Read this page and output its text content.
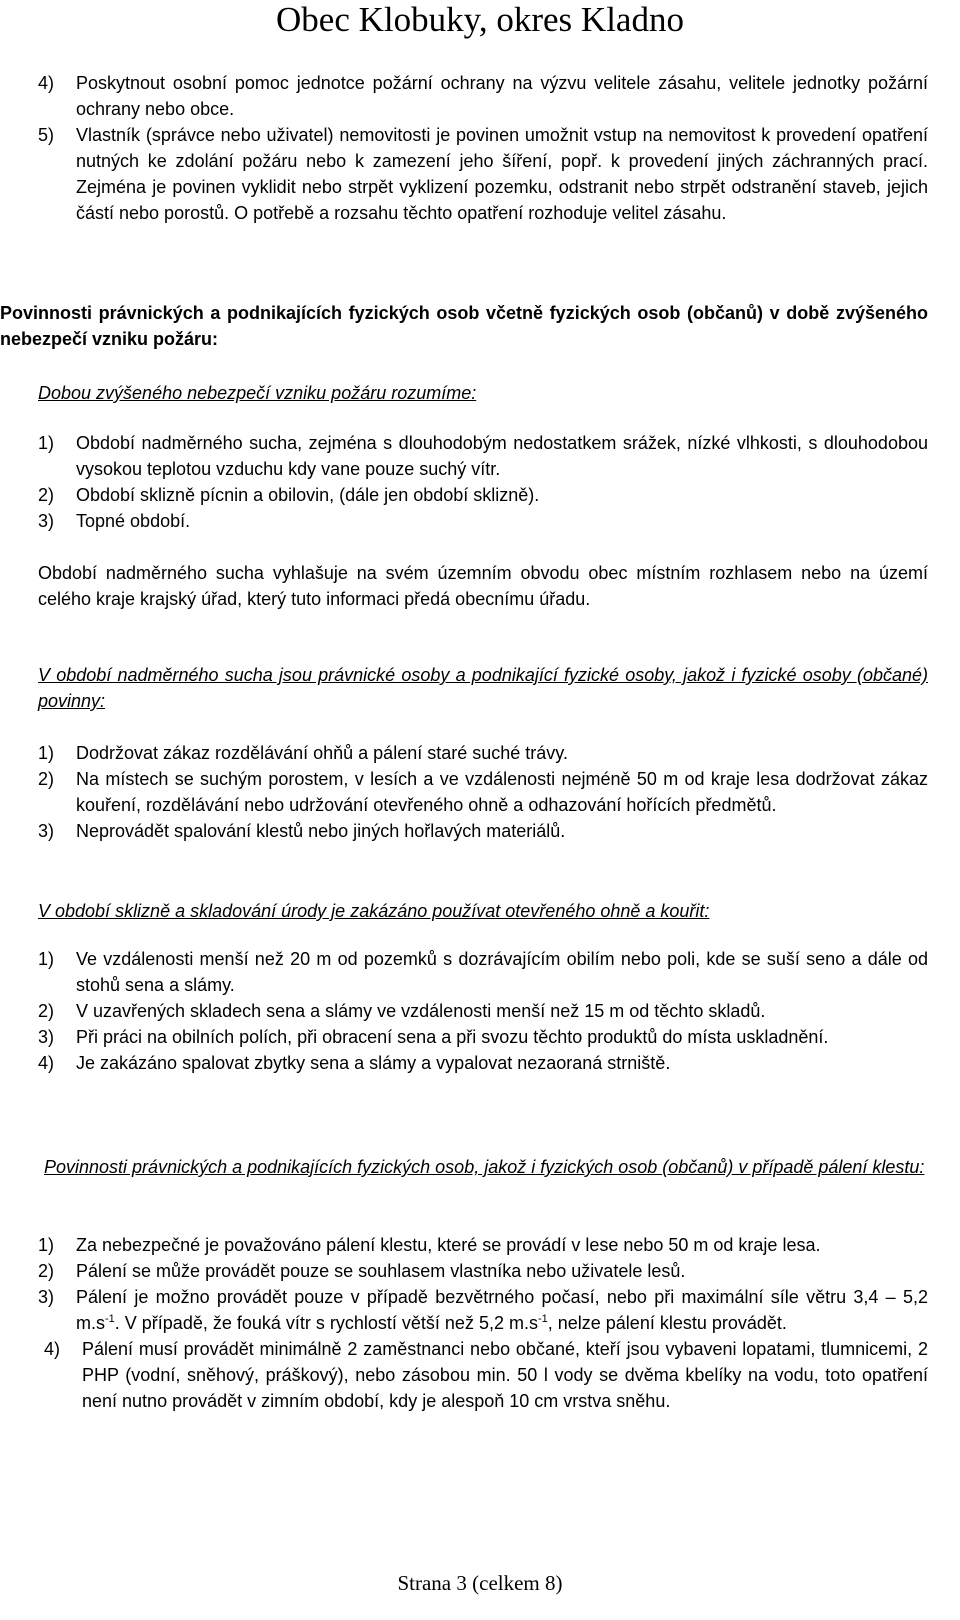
Obec Klobuky, okres Kladno
4) Poskytnout osobní pomoc jednotce požární ochrany na výzvu velitele zásahu, velitele jednotky požární ochrany nebo obce.
5) Vlastník (správce nebo uživatel) nemovitosti je povinen umožnit vstup na nemovitost k provedení opatření nutných ke zdolání požáru nebo k zamezení jeho šíření, popř. k provedení jiných záchranných prací. Zejména je povinen vyklidit nebo strpět vyklizení pozemku, odstranit nebo strpět odstranění staveb, jejich částí nebo porostů. O potřebě a rozsahu těchto opatření rozhoduje velitel zásahu.
Povinnosti právnických a podnikajících fyzických osob včetně fyzických osob (občanů) v době zvýšeného nebezpečí vzniku požáru:
Dobou zvýšeného nebezpečí vzniku požáru rozumíme:
1) Období nadměrného sucha, zejména s dlouhodobým nedostatkem srážek, nízké vlhkosti, s dlouhodobou vysokou teplotou vzduchu kdy vane pouze suchý vítr.
2) Období sklizně pícnin a obilovin, (dále jen období sklizně).
3) Topné období.
Období nadměrného sucha vyhlašuje na svém územním obvodu obec místním rozhlasem nebo na území celého kraje krajský úřad, který tuto informaci předá obecnímu úřadu.
V období nadměrného sucha jsou právnické osoby a podnikající fyzické osoby, jakož i fyzické osoby (občané) povinny:
1) Dodržovat zákaz rozdělávání ohňů a pálení staré suché trávy.
2) Na místech se suchým porostem, v lesích a ve vzdálenosti nejméně 50 m od kraje lesa dodržovat zákaz kouření, rozdělávání nebo udržování otevřeného ohně a odhazování hořících předmětů.
3) Neprovádět spalování klestů nebo jiných hořlavých materiálů.
V období sklizně a skladování úrody je zakázáno používat otevřeného ohně a kouřit:
1) Ve vzdálenosti menší než 20 m od pozemků s dozrávajícím obilím nebo poli, kde se suší seno a dále od stohů sena a slámy.
2) V uzavřených skladech sena a slámy ve vzdálenosti menší než 15 m od těchto skladů.
3) Při práci na obilních polích, při obracení sena a při svozu těchto produktů do místa uskladnění.
4) Je zakázáno spalovat zbytky sena a slámy a vypalovat nezaoraná strniště.
Povinnosti právnických a podnikajících fyzických osob, jakož i fyzických osob (občanů) v případě pálení klestu:
1) Za nebezpečné je považováno pálení klestu, které se provádí v lese nebo 50 m od kraje lesa.
2) Pálení se může provádět pouze se souhlasem vlastníka nebo uživatele lesů.
3) Pálení je možno provádět pouze v případě bezvětrného počasí, nebo při maximální síle větru 3,4 – 5,2 $m.s^{-1}$. V případě, že fouká vítr s rychlostí větší než 5,2 $m.s^{-1}$, nelze pálení klestu provádět.
4) Pálení musí provádět minimálně 2 zaměstnanci nebo občané, kteří jsou vybaveni lopatami, tlumnicemi, 2 PHP (vodní, sněhový, práškový), nebo zásobou min. 50 l vody se dvěma kbelíky na vodu, toto opatření není nutno provádět v zimním období, kdy je alespoň 10 cm vrstva sněhu.
Strana 3 (celkem 8)
